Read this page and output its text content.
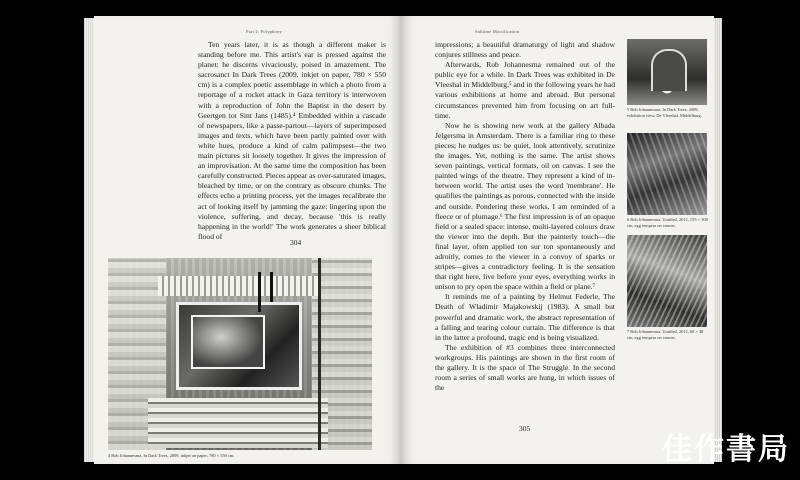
Part 4: Polyphony

Ten years later, it is as though a different maker is standing before me. This artist's ear is pressed against the planet: he discerns vivaciously, poised in amazement. The sacrosanct In Dark Trees (2009, inkjet on paper, 780 × 550 cm) is a complex poetic assemblage in which a photo from a reportage of a rocket attack in Gaza territory is interwoven with a reproduction of John the Baptist in the desert by Geertgen tot Sint Jans (1485).⁴ Embedded within a cascade of newspapers, like a passe-partout—layers of superimposed images and texts, which have been partly painted over with white hues, produce a kind of calm palimpsest—the two main pictures sit loosely together. It gives the impression of an improvisation. At the same time the composition has been carefully constructed. Pieces appear as over-saturated images, bleached by time, or on the contrary as obscure chunks. The effects echo a printing process, yet the images recalibrate the act of looking itself by jamming the gaze: lingering upon the violence, suffering, and decay, because 'this is really happening in the world!' The work generates a sheer biblical flood of

304
4 Rob Johannesma, In Dark Trees, 2009, inkjet on paper, 780 × 550 cm.
Sublime Mortification

impressions; a beautiful dramaturgy of light and shadow conjures stillness and peace.

Afterwards, Rob Johannesma remained out of the public eye for a while. In Dark Trees was exhibited in De Vleeshal in Middelburg,⁵ and in the following years he had various exhibitions at home and abroad. But personal circumstances prevented him from focusing on art full-time.

Now he is showing new work at the gallery Albada Jelgersma in Amsterdam. There is a familiar ring to these pieces; he nudges us: be quiet, look attentively, scrutinize the images. Yet, nothing is the same. The artist shows seven paintings, vertical formats, oil on canvas. I see the painted wings of the theatre. They represent a kind of in-between world. The artist uses the word 'membrane'. He qualifies the paintings as porous, connected with the inside and outside. Pondering these works, I am reminded of a fleece or of plumage.⁶ The first impression is of an opaque field or a sealed space: intense, multi-layered colours draw the viewer into the depth. But the painterly touch—the final layer, often applied ton sur ton spontaneously and adroitly, comes to the viewer in a convoy of sparks or stripes—gives a contradictory feeling. It is the sensation that right here, live before your eyes, everything works in unison to pry open the space within a field or plane.⁷

It reminds me of a painting by Helmut Federle, The Death of Wladimir Majakowskij (1983). A small but powerful and dramatic work, the abstract representation of a falling and tearing colour curtain. The difference is that in the latter a profound, tragic end is being visualized.

The exhibition of #3 combines three interconnected workgroups. His paintings are shown in the first room of the gallery. It is the space of The Struggle. In the second room a series of small works are hung, in which issues of the

305
5 Rob Johannesma, In Dark Trees, 2009, exhibition view, De Vleeshal, Middelburg.
6 Rob Johannesma, Untitled, 2012, 155 × 100 cm, egg tempera on canvas.
7 Rob Johannesma, Untitled, 2012, 60 × 48 cm, egg tempera on canvas.
佳作書局
